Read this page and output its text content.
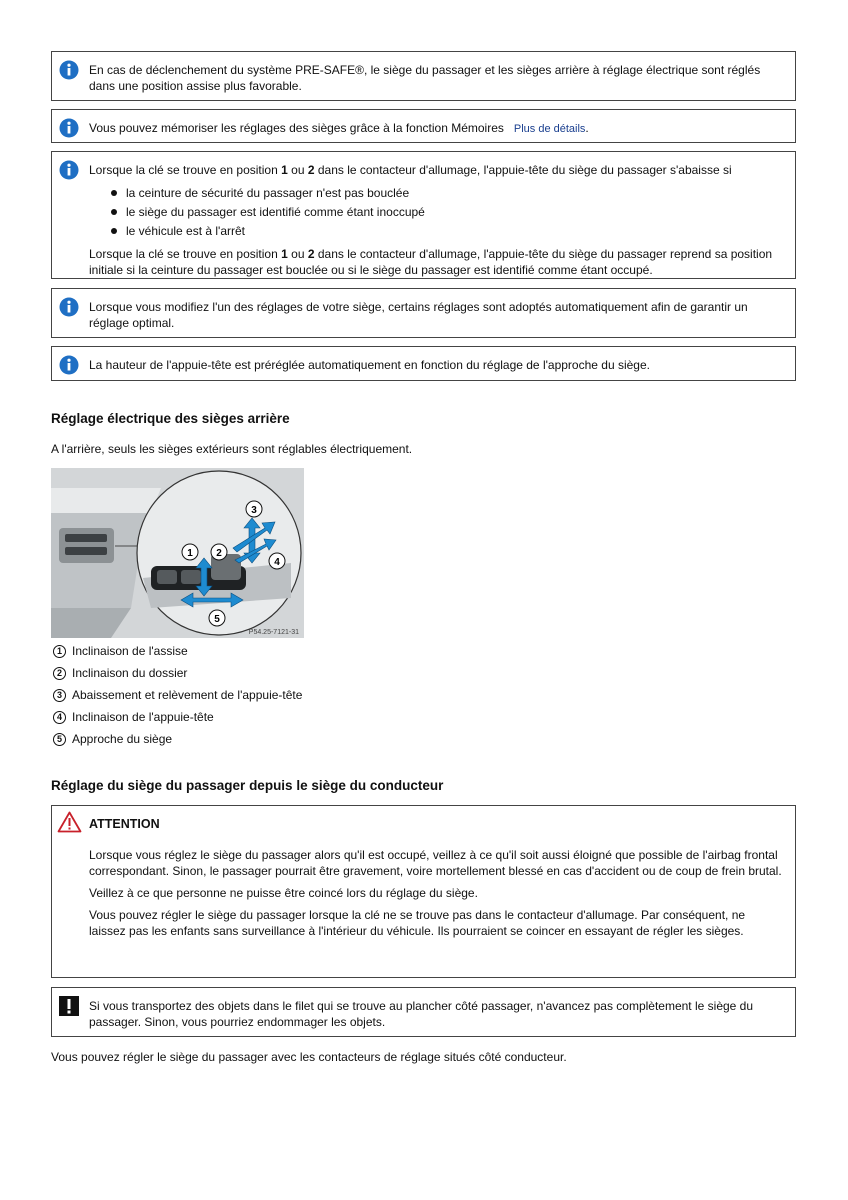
En cas de déclenchement du système PRE-SAFE®, le siège du passager et les sièges arrière à réglage électrique sont réglés dans une position assise plus favorable.

Vous pouvez mémoriser les réglages des sièges grâce à la fonction Mémoires Plus de détails.

Lorsque la clé se trouve en position 1 ou 2 dans le contacteur d'allumage, l'appuie-tête du siège du passager s'abaisse si

la ceinture de sécurité du passager n'est pas bouclée
le siège du passager est identifié comme étant inoccupé
le véhicule est à l'arrêt

Lorsque la clé se trouve en position 1 ou 2 dans le contacteur d'allumage, l'appuie-tête du siège du passager reprend sa position initiale si la ceinture du passager est bouclée ou si le siège du passager est identifié comme étant occupé.

Lorsque vous modifiez l'un des réglages de votre siège, certains réglages sont adoptés automatiquement afin de garantir un réglage optimal.

La hauteur de l'appuie-tête est préréglée automatiquement en fonction du réglage de l'approche du siège.

Réglage électrique des sièges arrière

A l'arrière, seuls les sièges extérieurs sont réglables électriquement.

1 2
3
4
5
P54.25-7121-31
1 Inclinaison de l'assise
2 Inclinaison du dossier
3 Abaissement et relèvement de l'appuie-tête
4 Inclinaison de l'appuie-tête
5 Approche du siège
Réglage du siège du passager depuis le siège du conducteur

ATTENTION

Lorsque vous réglez le siège du passager alors qu'il est occupé, veillez à ce qu'il soit aussi éloigné que possible de l'airbag frontal correspondant. Sinon, le passager pourrait être gravement, voire mortellement blessé en cas d'accident ou de coup de frein brutal.

Veillez à ce que personne ne puisse être coincé lors du réglage du siège.

Vous pouvez régler le siège du passager lorsque la clé ne se trouve pas dans le contacteur d'allumage. Par conséquent, ne laissez pas les enfants sans surveillance à l'intérieur du véhicule. Ils pourraient se coincer en essayant de régler les sièges.

Si vous transportez des objets dans le filet qui se trouve au plancher côté passager, n'avancez pas complètement le siège du passager. Sinon, vous pourriez endommager les objets.

Vous pouvez régler le siège du passager avec les contacteurs de réglage situés côté conducteur.
